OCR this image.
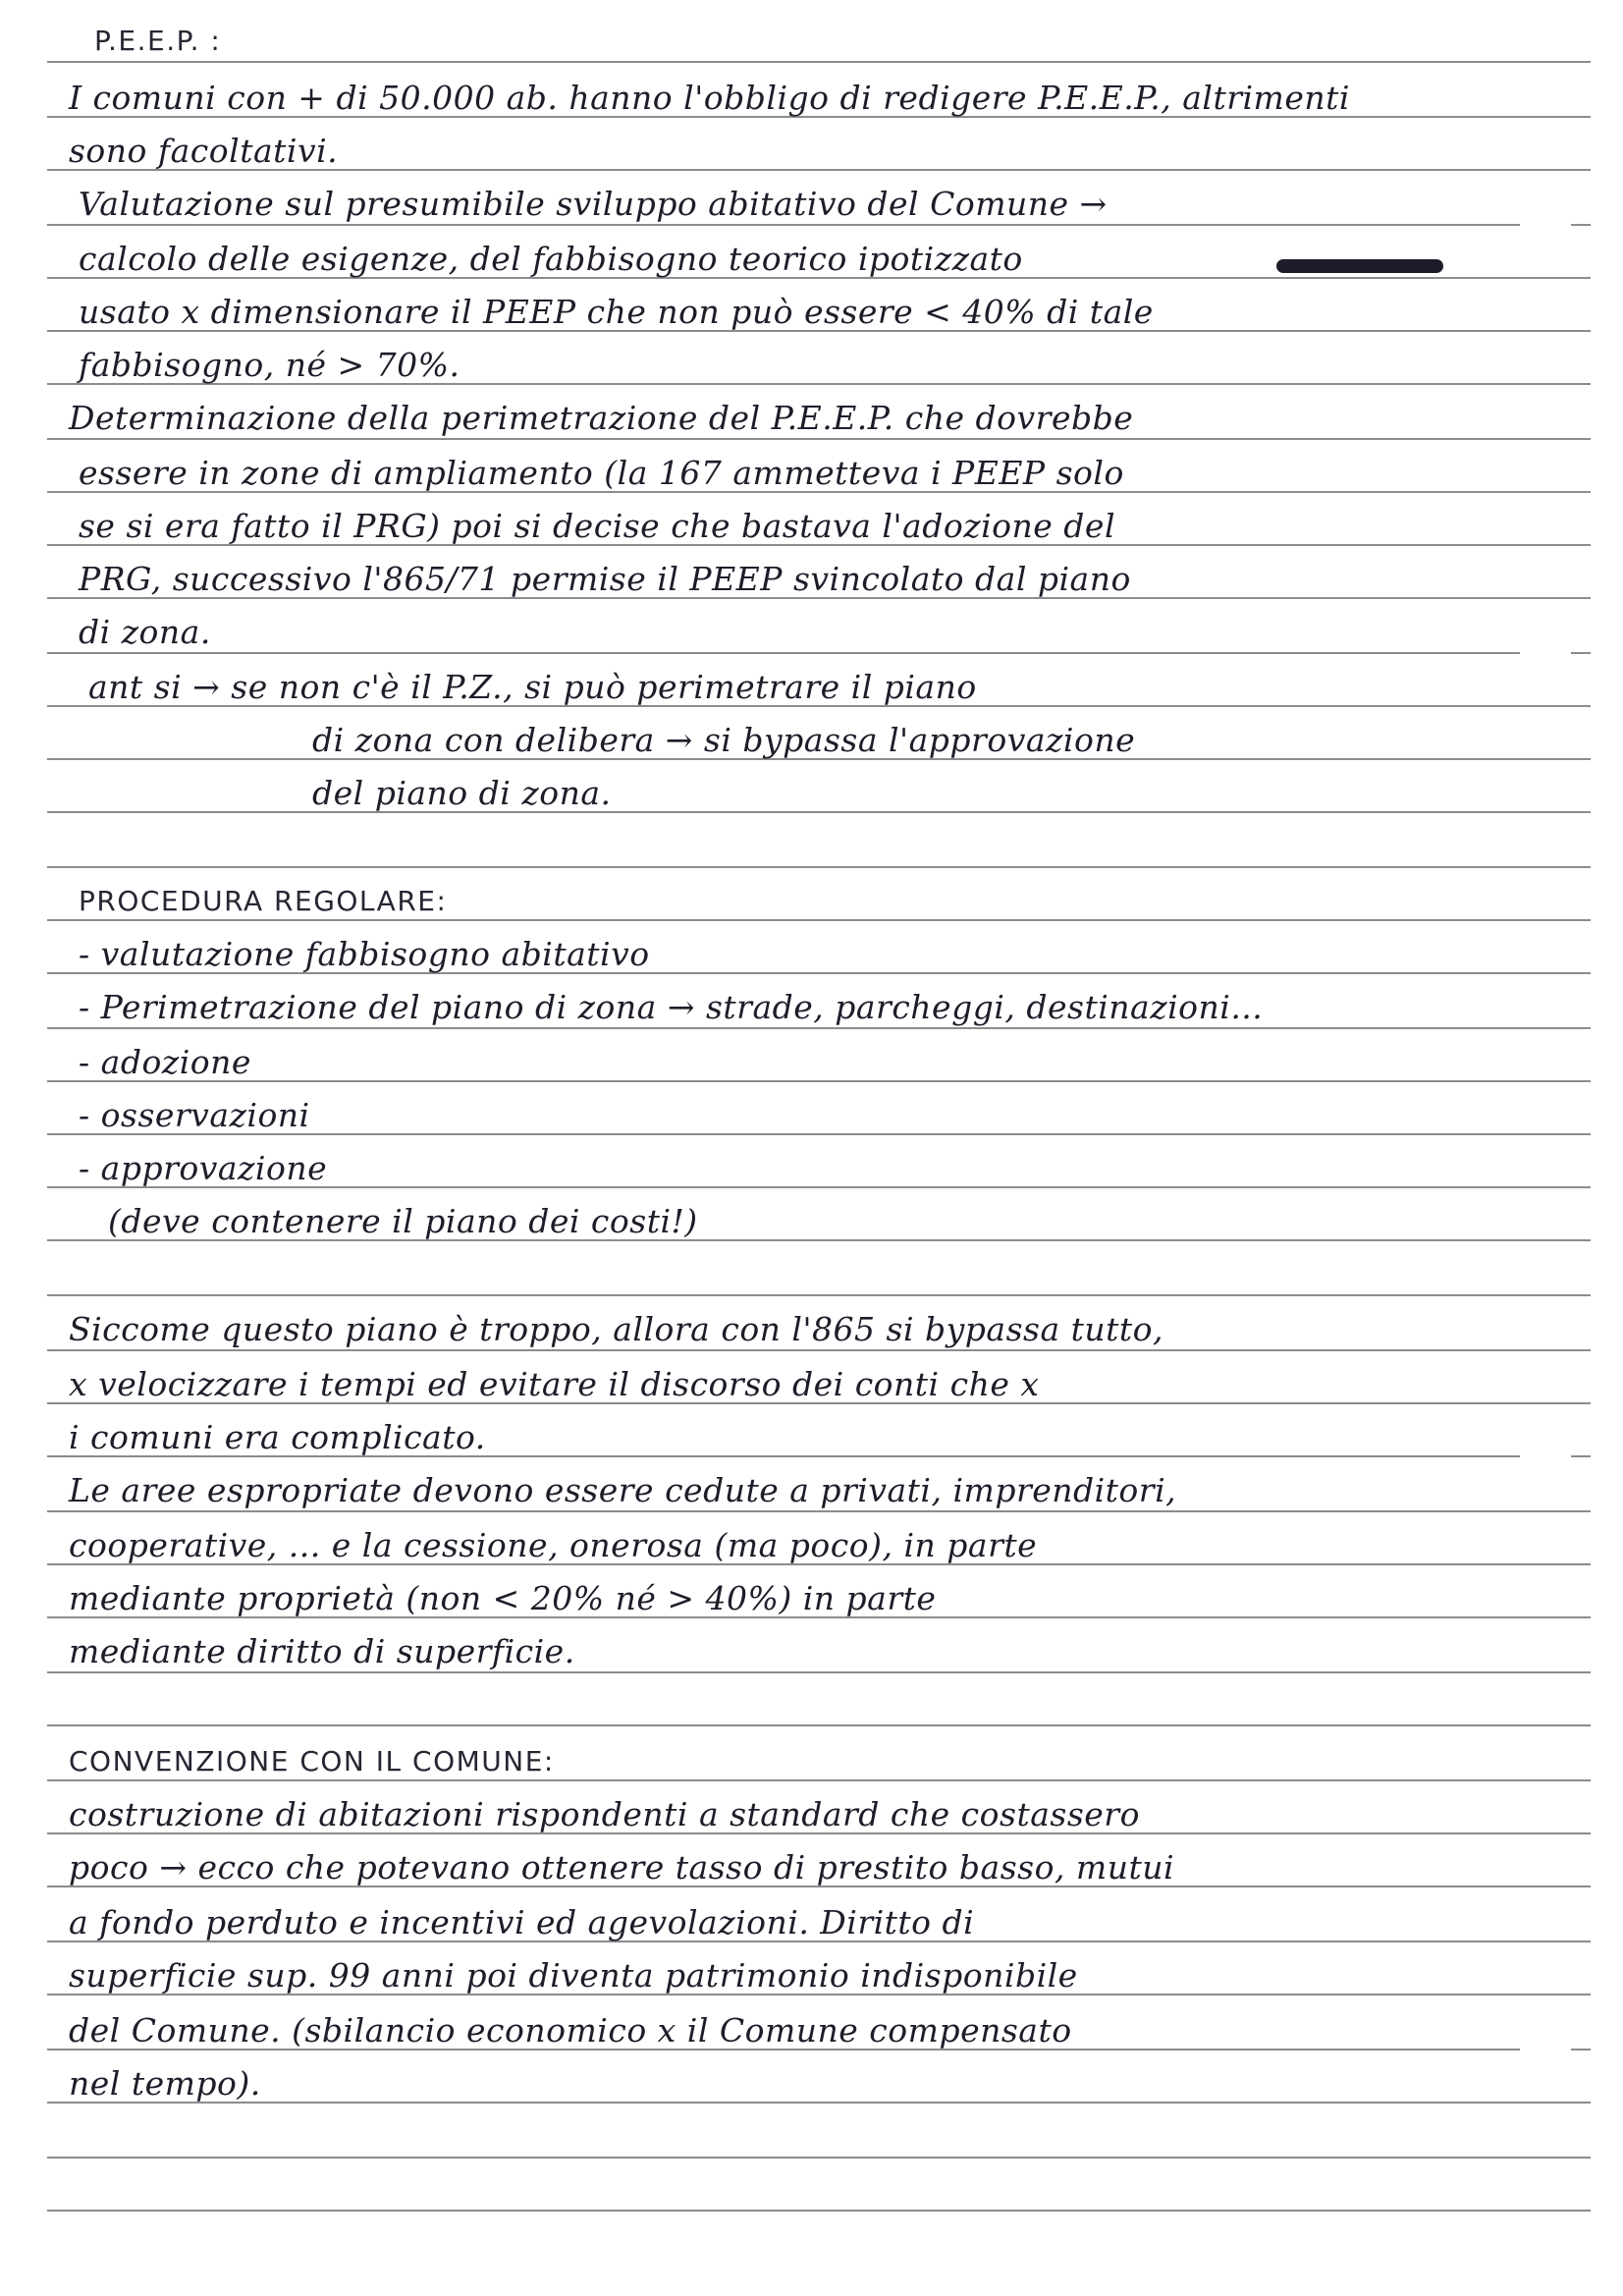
P.E.E.P. :
I comuni con + di 50.000 ab. hanno l'obbligo di redigere P.E.E.P., altrimenti
sono facoltativi.
Valutazione sul presumibile sviluppo abitativo del Comune →
calcolo delle esigenze, del fabbisogno teorico ipotizzato
usato x dimensionare il PEEP che non può essere < 40% di tale
fabbisogno, né > 70%.
Determinazione della perimetrazione del P.E.E.P. che dovrebbe
essere in zone di ampliamento (la 167 ammetteva i PEEP solo
se si era fatto il PRG) poi si decise che bastava l'adozione del
PRG, successivo l'865/71 permise il PEEP svincolato dal piano
di zona.
ant si → se non c'è il P.Z., si può perimetrare il piano
di zona con delibera → si bypassa l'approvazione
del piano di zona.
PROCEDURA REGOLARE:
- valutazione fabbisogno abitativo
- Perimetrazione del piano di zona → strade, parcheggi, destinazioni...
- adozione
- osservazioni
- approvazione
(deve contenere il piano dei costi!)
Siccome questo piano è troppo, allora con l'865 si bypassa tutto,
x velocizzare i tempi ed evitare il discorso dei conti che x
i comuni era complicato.
Le aree espropriate devono essere cedute a privati, imprenditori,
cooperative, ... e la cessione, onerosa (ma poco), in parte
mediante proprietà (non < 20% né > 40%) in parte
mediante diritto di superficie.
CONVENZIONE CON IL COMUNE:
costruzione di abitazioni rispondenti a standard che costassero
poco → ecco che potevano ottenere tasso di prestito basso, mutui
a fondo perduto e incentivi ed agevolazioni. Diritto di
superficie sup. 99 anni poi diventa patrimonio indisponibile
del Comune. (sbilancio economico x il Comune compensato
nel tempo).
